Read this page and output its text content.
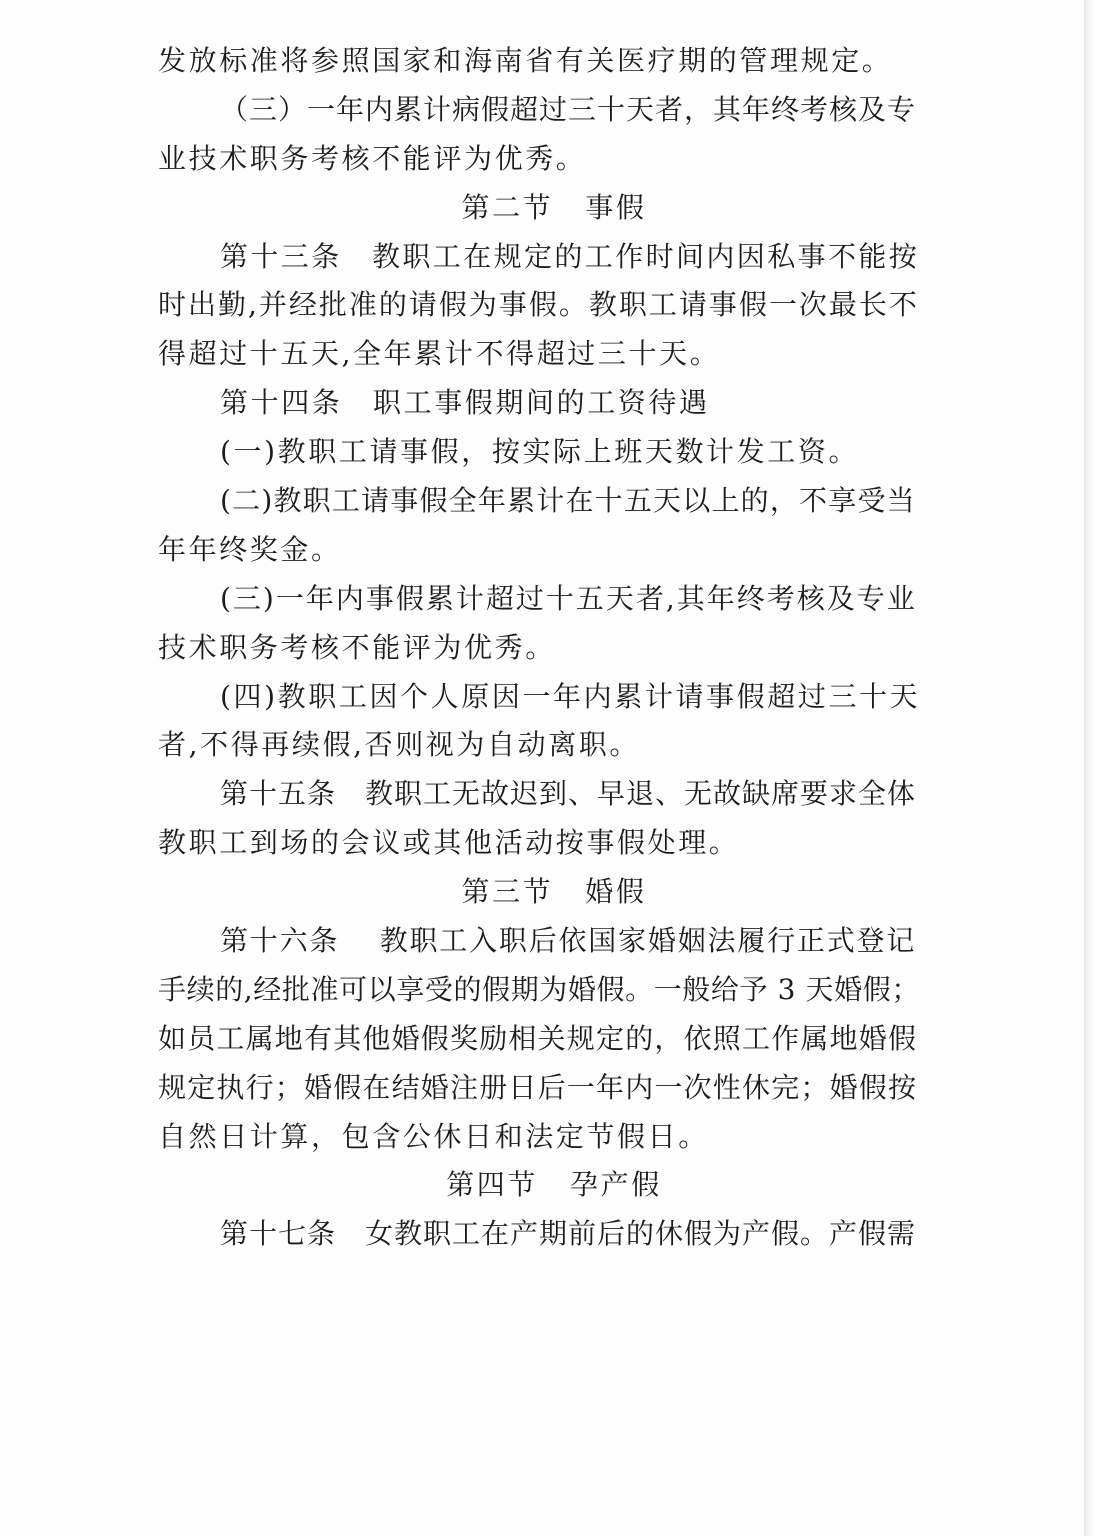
发放标准将参照国家和海南省有关医疗期的管理规定。
（三）一年内累计病假超过三十天者，其年终考核及专
业技术职务考核不能评为优秀。
第二节 事假
第十三条　教职工在规定的工作时间内因私事不能按
时出勤,并经批准的请假为事假。教职工请事假一次最长不
得超过十五天,全年累计不得超过三十天。
第十四条　职工事假期间的工资待遇
(一)教职工请事假，按实际上班天数计发工资。
(二)教职工请事假全年累计在十五天以上的，不享受当
年年终奖金。
(三)一年内事假累计超过十五天者,其年终考核及专业
技术职务考核不能评为优秀。
(四)教职工因个人原因一年内累计请事假超过三十天
者,不得再续假,否则视为自动离职。
第十五条　教职工无故迟到、早退、无故缺席要求全体
教职工到场的会议或其他活动按事假处理。
第三节 婚假
第十六条　 教职工入职后依国家婚姻法履行正式登记
手续的,经批准可以享受的假期为婚假。一般给予 3 天婚假；
如员工属地有其他婚假奖励相关规定的，依照工作属地婚假
规定执行；婚假在结婚注册日后一年内一次性休完；婚假按
自然日计算，包含公休日和法定节假日。
第四节 孕产假
第十七条　女教职工在产期前后的休假为产假。产假需
